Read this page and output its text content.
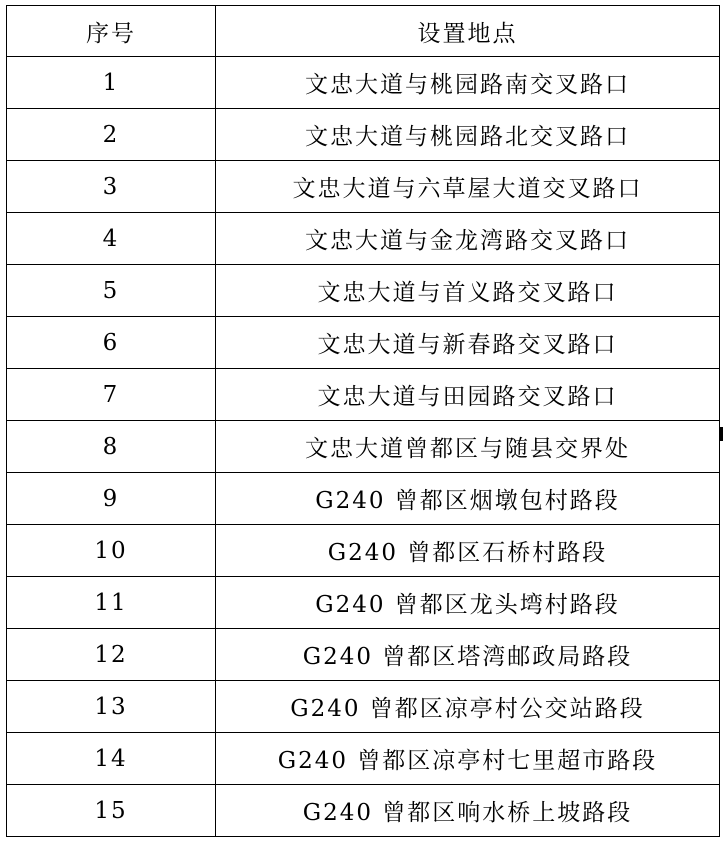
序号	设置地点
1	文忠大道与桃园路南交叉路口
2	文忠大道与桃园路北交叉路口
3	文忠大道与六草屋大道交叉路口
4	文忠大道与金龙湾路交叉路口
5	文忠大道与首义路交叉路口
6	文忠大道与新春路交叉路口
7	文忠大道与田园路交叉路口
8	文忠大道曾都区与随县交界处
9	G240 曾都区烟墩包村路段
10	G240 曾都区石桥村路段
11	G240 曾都区龙头塆村路段
12	G240 曾都区塔湾邮政局路段
13	G240 曾都区凉亭村公交站路段
14	G240 曾都区凉亭村七里超市路段
15	G240 曾都区响水桥上坡路段
